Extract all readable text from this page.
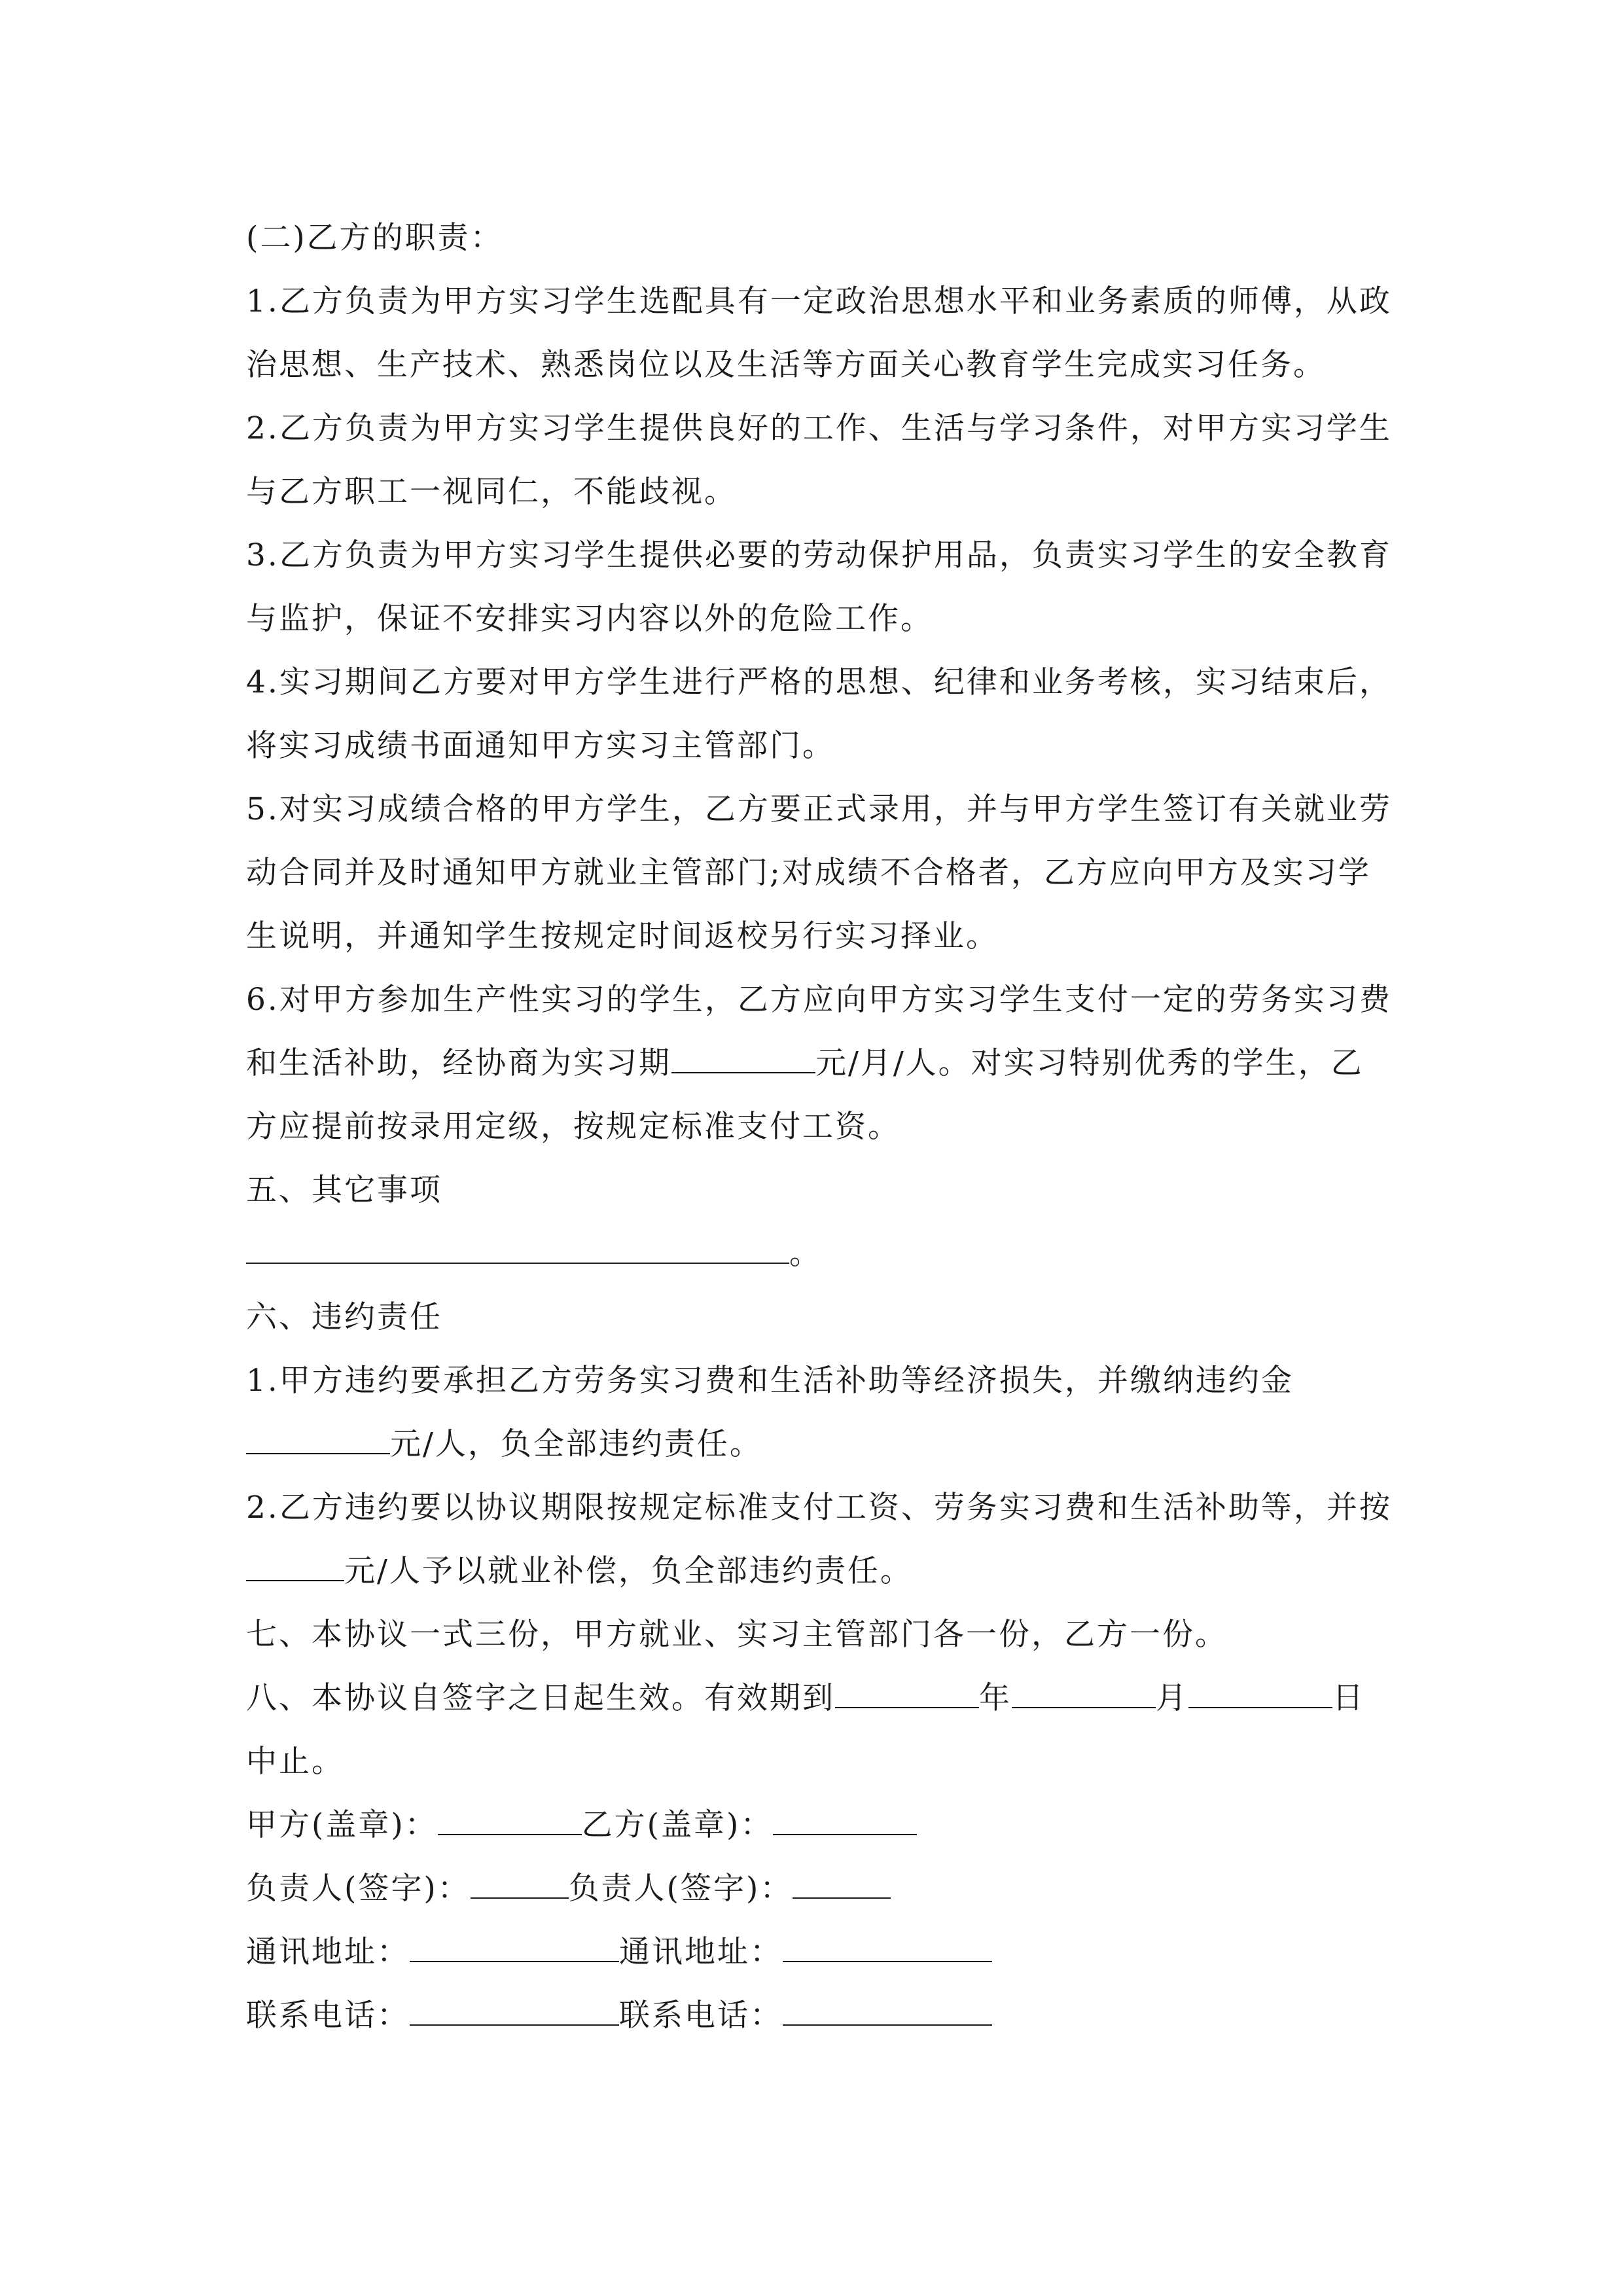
(二)乙方的职责：
1.乙方负责为甲方实习学生选配具有一定政治思想水平和业务素质的师傅，从政
治思想、生产技术、熟悉岗位以及生活等方面关心教育学生完成实习任务。
2.乙方负责为甲方实习学生提供良好的工作、生活与学习条件，对甲方实习学生
与乙方职工一视同仁，不能歧视。
3.乙方负责为甲方实习学生提供必要的劳动保护用品，负责实习学生的安全教育
与监护，保证不安排实习内容以外的危险工作。
4.实习期间乙方要对甲方学生进行严格的思想、纪律和业务考核，实习结束后，
将实习成绩书面通知甲方实习主管部门。
5.对实习成绩合格的甲方学生，乙方要正式录用，并与甲方学生签订有关就业劳
动合同并及时通知甲方就业主管部门;对成绩不合格者，乙方应向甲方及实习学
生说明，并通知学生按规定时间返校另行实习择业。
6.对甲方参加生产性实习的学生，乙方应向甲方实习学生支付一定的劳务实习费
和生活补助，经协商为实习期	元/月/人。对实习特别优秀的学生，乙
方应提前按录用定级，按规定标准支付工资。
五、其它事项
。
六、违约责任
1.甲方违约要承担乙方劳务实习费和生活补助等经济损失，并缴纳违约金
元/人，负全部违约责任。
2.乙方违约要以协议期限按规定标准支付工资、劳务实习费和生活补助等，并按
元/人予以就业补偿，负全部违约责任。
七、本协议一式三份，甲方就业、实习主管部门各一份，乙方一份。
八、本协议自签字之日起生效。有效期到	年	月	日
中止。
甲方(盖章)：	乙方(盖章)：
负责人(签字)：	负责人(签字)：
通讯地址：	通讯地址：
联系电话：	联系电话：
